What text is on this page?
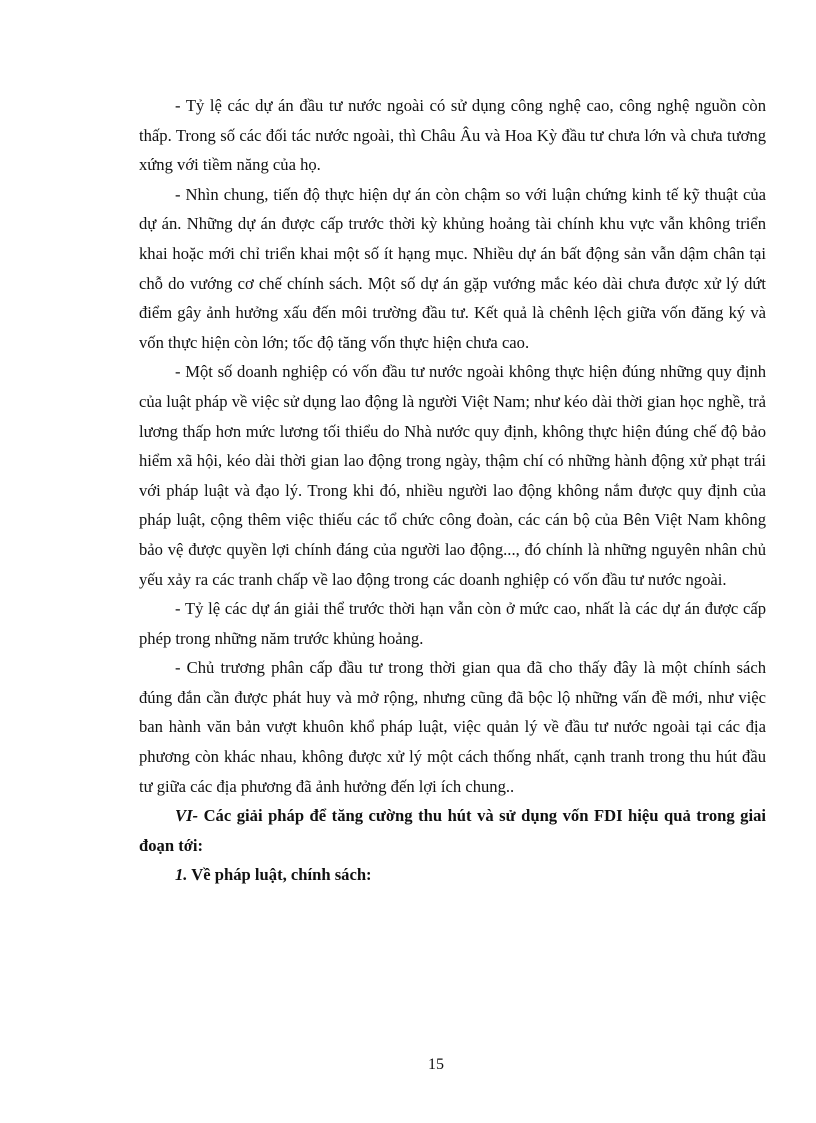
- Tỷ lệ các dự án đầu tư nước ngoài có sử dụng công nghệ cao, công nghệ nguồn còn thấp. Trong số các đối tác nước ngoài, thì Châu Âu và Hoa Kỳ đầu tư chưa lớn và chưa tương xứng với tiềm năng của họ.

- Nhìn chung, tiến độ thực hiện dự án còn chậm so với luận chứng kinh tế kỹ thuật của dự án. Những dự án được cấp trước thời kỳ khủng hoảng tài chính khu vực vẫn không triển khai hoặc mới chỉ triển khai một số ít hạng mục. Nhiều dự án bất động sản vẫn dậm chân tại chỗ do vướng cơ chế chính sách. Một số dự án gặp vướng mắc kéo dài chưa được xử lý dứt điểm gây ảnh hưởng xấu đến môi trường đầu tư. Kết quả là chênh lệch giữa vốn đăng ký và vốn thực hiện còn lớn; tốc độ tăng vốn thực hiện chưa cao.

- Một số doanh nghiệp có vốn đầu tư nước ngoài không thực hiện đúng những quy định của luật pháp về việc sử dụng lao động là người Việt Nam; như kéo dài thời gian học nghề, trả lương thấp hơn mức lương tối thiểu do Nhà nước quy định, không thực hiện đúng chế độ bảo hiểm xã hội, kéo dài thời gian lao động trong ngày, thậm chí có những hành động xử phạt trái với pháp luật và đạo lý. Trong khi đó, nhiều người lao động không nắm được quy định của pháp luật, cộng thêm việc thiếu các tổ chức công đoàn, các cán bộ của Bên Việt Nam không bảo vệ được quyền lợi chính đáng của người lao động..., đó chính là những nguyên nhân chủ yếu xảy ra các tranh chấp về lao động trong các doanh nghiệp có vốn đầu tư nước ngoài.

- Tỷ lệ các dự án giải thể trước thời hạn vẫn còn ở mức cao, nhất là các dự án được cấp phép trong những năm trước khủng hoảng.

- Chủ trương phân cấp đầu tư trong thời gian qua đã cho thấy đây là một chính sách đúng đắn cần được phát huy và mở rộng, nhưng cũng đã bộc lộ những vấn đề mới, như việc ban hành văn bản vượt khuôn khổ pháp luật, việc quản lý về đầu tư nước ngoài tại các địa phương còn khác nhau, không được xử lý một cách thống nhất, cạnh tranh trong thu hút đầu tư giữa các địa phương đã ảnh hưởng đến lợi ích chung..

VI- Các giải pháp để tăng cường thu hút và sử dụng vốn FDI hiệu quả trong giai đoạn tới:

1. Về pháp luật, chính sách:

15
